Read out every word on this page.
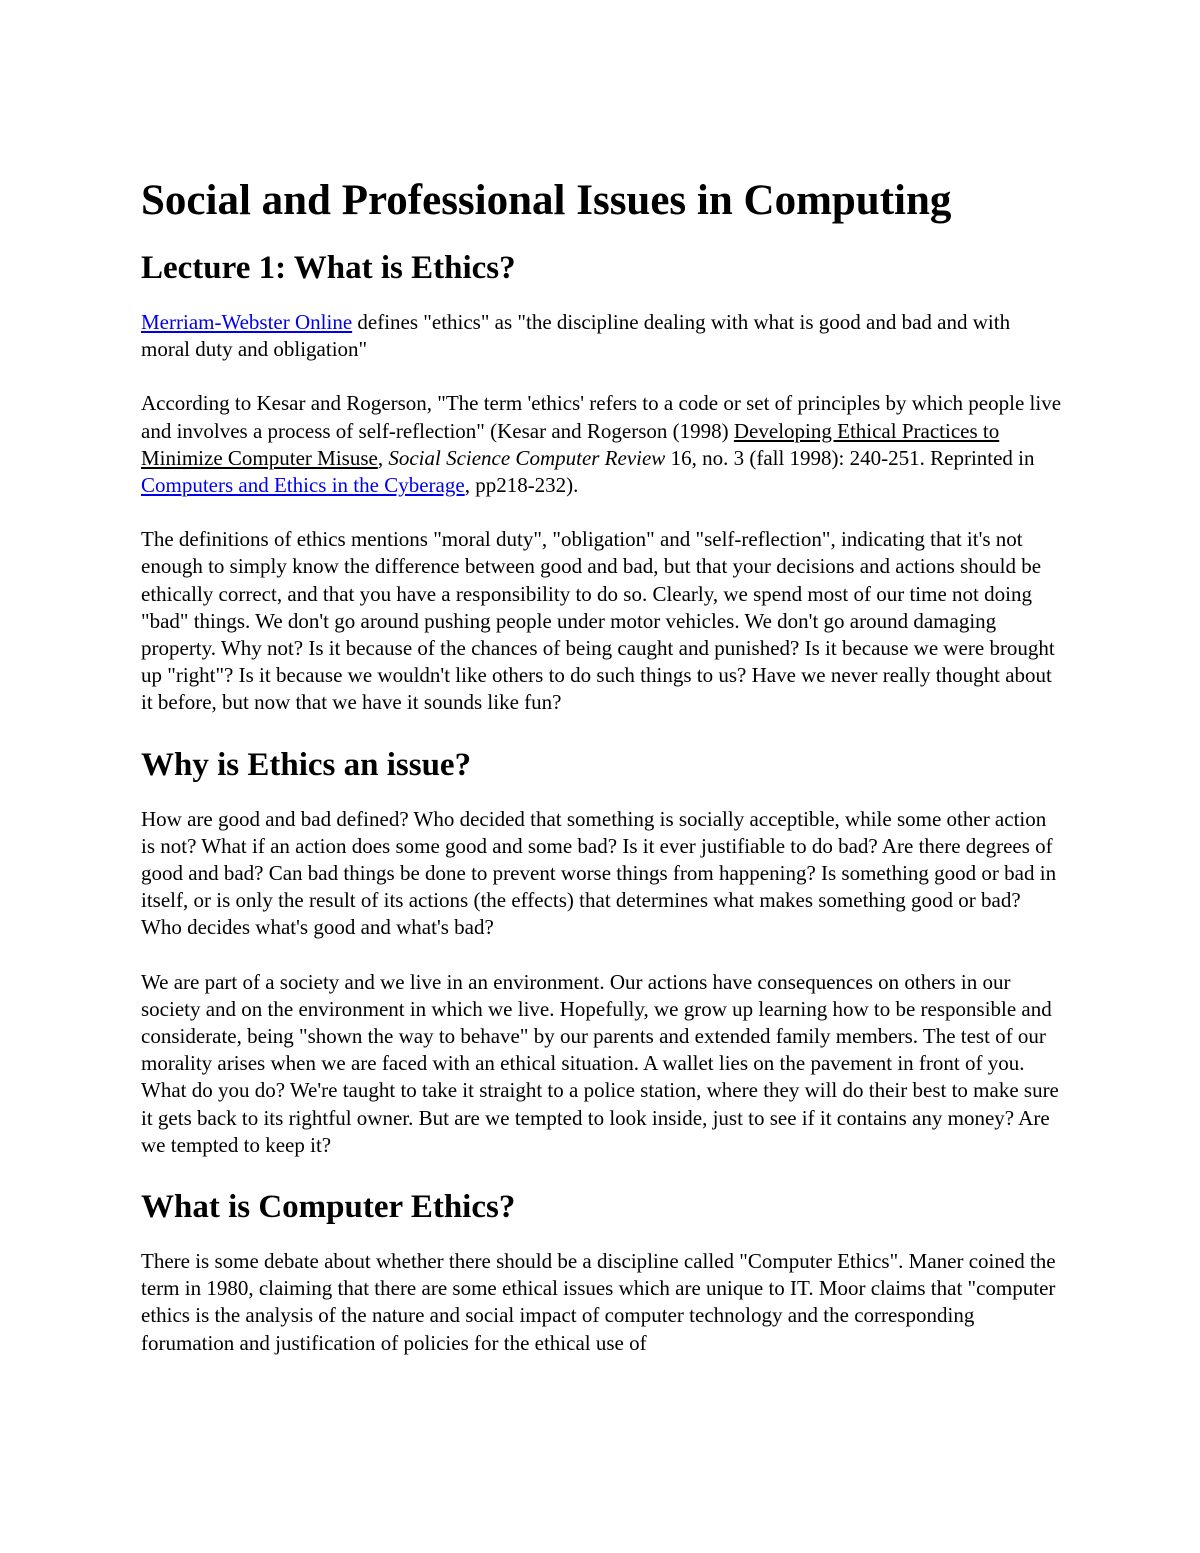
Social and Professional Issues in Computing
Lecture 1: What is Ethics?

Merriam-Webster Online defines "ethics" as "the discipline dealing with what is good and bad and with moral duty and obligation"

According to Kesar and Rogerson, "The term 'ethics' refers to a code or set of principles by which people live and involves a process of self-reflection" (Kesar and Rogerson (1998) Developing Ethical Practices to Minimize Computer Misuse, Social Science Computer Review 16, no. 3 (fall 1998): 240-251. Reprinted in Computers and Ethics in the Cyberage, pp218-232).

The definitions of ethics mentions "moral duty", "obligation" and "self-reflection", indicating that it's not enough to simply know the difference between good and bad, but that your decisions and actions should be ethically correct, and that you have a responsibility to do so. Clearly, we spend most of our time not doing "bad" things. We don't go around pushing people under motor vehicles. We don't go around damaging property. Why not? Is it because of the chances of being caught and punished? Is it because we were brought up "right"? Is it because we wouldn't like others to do such things to us? Have we never really thought about it before, but now that we have it sounds like fun?

Why is Ethics an issue?

How are good and bad defined? Who decided that something is socially acceptible, while some other action is not? What if an action does some good and some bad? Is it ever justifiable to do bad? Are there degrees of good and bad? Can bad things be done to prevent worse things from happening? Is something good or bad in itself, or is only the result of its actions (the effects) that determines what makes something good or bad? Who decides what's good and what's bad?

We are part of a society and we live in an environment. Our actions have consequences on others in our society and on the environment in which we live. Hopefully, we grow up learning how to be responsible and considerate, being "shown the way to behave" by our parents and extended family members. The test of our morality arises when we are faced with an ethical situation. A wallet lies on the pavement in front of you. What do you do? We're taught to take it straight to a police station, where they will do their best to make sure it gets back to its rightful owner. But are we tempted to look inside, just to see if it contains any money? Are we tempted to keep it?

What is Computer Ethics?

There is some debate about whether there should be a discipline called "Computer Ethics". Maner coined the term in 1980, claiming that there are some ethical issues which are unique to IT. Moor claims that "computer ethics is the analysis of the nature and social impact of computer technology and the corresponding forumation and justification of policies for the ethical use of
